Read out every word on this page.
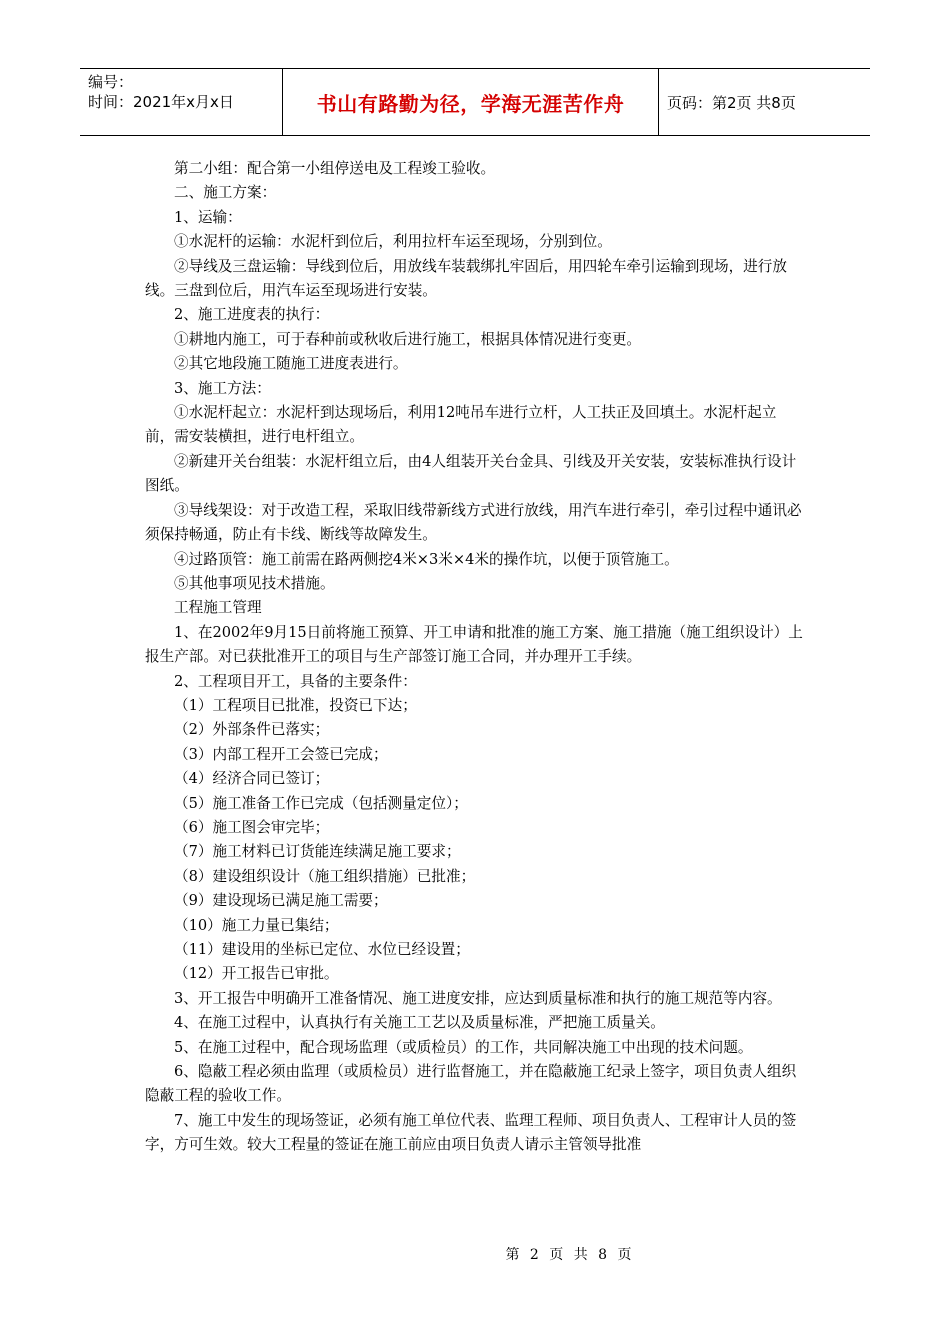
编号：
时间：2021年x月x日	书山有路勤为径，学海无涯苦作舟	页码：第2页 共8页

第二小组：配合第一小组停送电及工程竣工验收。

二、施工方案：

1、运输：

①水泥杆的运输：水泥杆到位后，利用拉杆车运至现场，分别到位。

②导线及三盘运输：导线到位后，用放线车装载绑扎牢固后，用四轮车牵引运输到现场，进行放线。三盘到位后，用汽车运至现场进行安装。

2、施工进度表的执行：

①耕地内施工，可于春种前或秋收后进行施工，根据具体情况进行变更。

②其它地段施工随施工进度表进行。

3、施工方法：

①水泥杆起立：水泥杆到达现场后，利用12吨吊车进行立杆，人工扶正及回填土。水泥杆起立前，需安装横担，进行电杆组立。

②新建开关台组装：水泥杆组立后，由4人组装开关台金具、引线及开关安装，安装标准执行设计图纸。

③导线架设：对于改造工程，采取旧线带新线方式进行放线，用汽车进行牵引，牵引过程中通讯必须保持畅通，防止有卡线、断线等故障发生。

④过路顶管：施工前需在路两侧挖4米×3米×4米的操作坑，以便于顶管施工。

⑤其他事项见技术措施。

工程施工管理

1、在2002年9月15日前将施工预算、开工申请和批准的施工方案、施工措施（施工组织设计）上报生产部。对已获批准开工的项目与生产部签订施工合同，并办理开工手续。

2、工程项目开工，具备的主要条件：

（1）工程项目已批准，投资已下达；

（2）外部条件已落实；

（3）内部工程开工会签已完成；

（4）经济合同已签订；

（5）施工准备工作已完成（包括测量定位）；

（6）施工图会审完毕；

（7）施工材料已订货能连续满足施工要求；

（8）建设组织设计（施工组织措施）已批准；

（9）建设现场已满足施工需要；

（10）施工力量已集结；

（11）建设用的坐标已定位、水位已经设置；

（12）开工报告已审批。

3、开工报告中明确开工准备情况、施工进度安排，应达到质量标准和执行的施工规范等内容。

4、在施工过程中，认真执行有关施工工艺以及质量标准，严把施工质量关。

5、在施工过程中，配合现场监理（或质检员）的工作，共同解决施工中出现的技术问题。

6、隐蔽工程必须由监理（或质检员）进行监督施工，并在隐蔽施工纪录上签字，项目负责人组织隐蔽工程的验收工作。

7、施工中发生的现场签证，必须有施工单位代表、监理工程师、项目负责人、工程审计人员的签字，方可生效。较大工程量的签证在施工前应由项目负责人请示主管领导批准

第 2 页 共 8 页
